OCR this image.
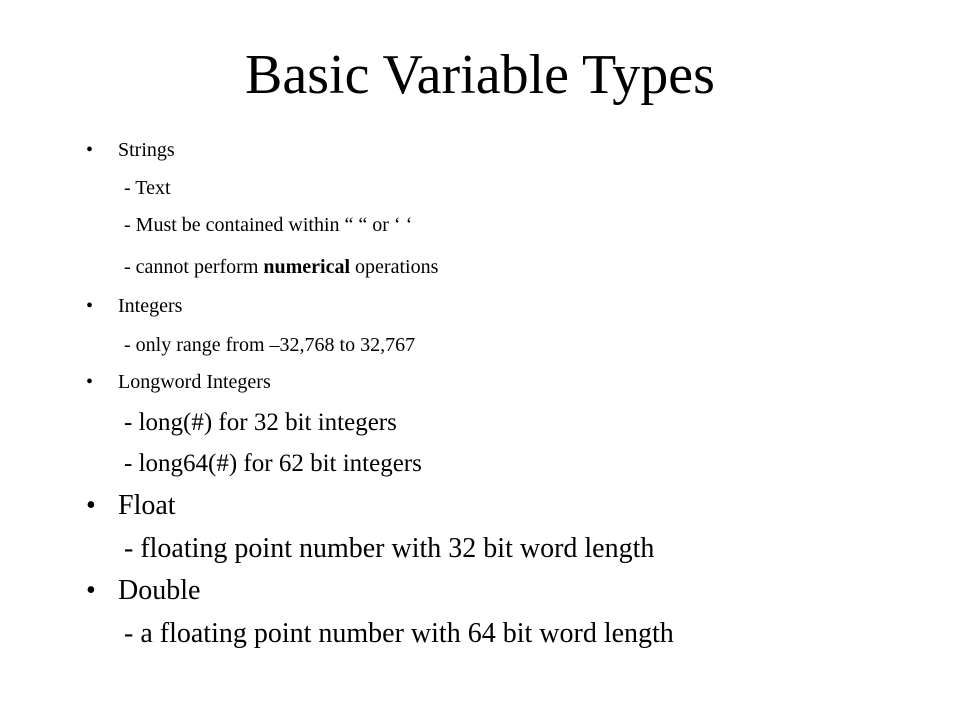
Basic Variable Types
• Strings
- Text
- Must be contained within “ “ or ‘ ‘
- cannot perform numerical operations
• Integers
- only range from –32,768 to 32,767
• Longword Integers
- long(#) for 32 bit integers
- long64(#) for 62 bit integers
• Float
- floating point number with 32 bit word length
• Double
- a floating point number with 64 bit word length
